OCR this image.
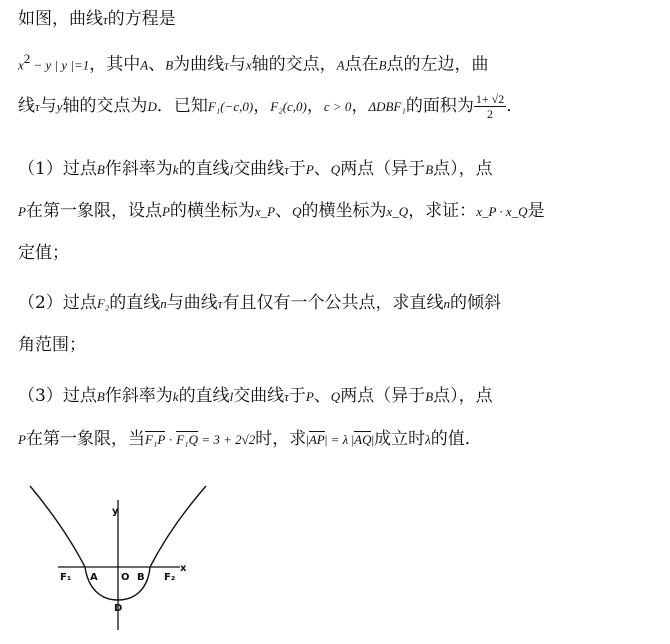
如图，曲线τ的方程是
$x^2 - y$ | y |=1，其中A、B为曲线τ与x轴的交点，A点在B点的左边，曲
线τ与y轴的交点为D．已知F₁(−c,0)，F₂(c,0)，c > 0，ΔDBF₁的面积为 $\frac{1+ √2}{2}$ ．
（1）过点B作斜率为k的直线l交曲线τ于P、Q两点（异于B点），点
P在第一象限，设点P的横坐标为x_P、Q的横坐标为x_Q，求证：x_P · x_Q是
定值；
（2）过点F₂的直线n与曲线τ有且仅有一个公共点，求直线n的倾斜
角范围；
（3）过点B作斜率为k的直线l交曲线τ于P、Q两点（异于B点），点
P在第一象限，当F₁P · F₁Q = 3 + 2√2时，求|AP| = λ |AQ|成立时λ的值．
y
x
F₁ A O B F₂
D
